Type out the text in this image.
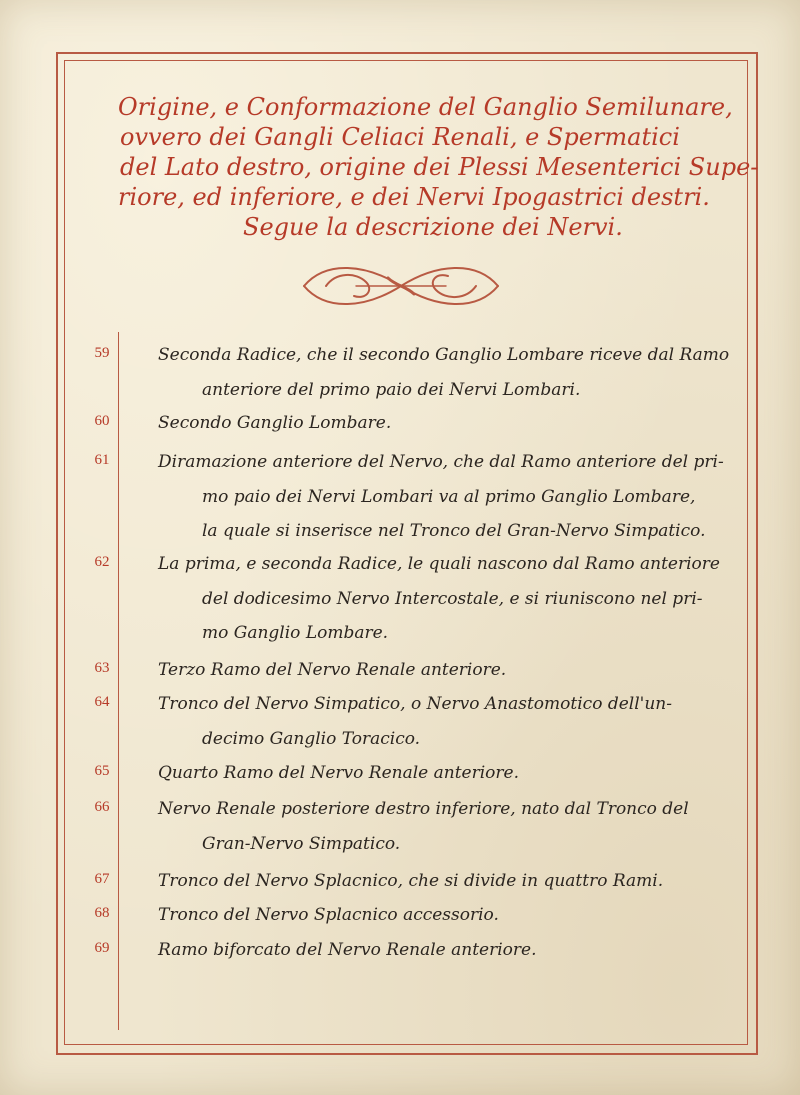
Origine, e Conformazione del Ganglio Semilunare,
ovvero dei Gangli Celiaci Renali, e Spermatici
del Lato destro, origine dei Plessi Mesenterici Supe-
riore, ed inferiore, e dei Nervi Ipogastrici destri.
Segue la descrizione dei Nervi.
59
60
61
62
63
64
65
66
67
68
69
Seconda Radice, che il secondo Ganglio Lombare riceve dal Ramo
anteriore del primo paio dei Nervi Lombari.
Secondo Ganglio Lombare.
Diramazione anteriore del Nervo, che dal Ramo anteriore del pri-
mo paio dei Nervi Lombari va al primo Ganglio Lombare,
la quale si inserisce nel Tronco del Gran-Nervo Simpatico.
La prima, e seconda Radice, le quali nascono dal Ramo anteriore
del dodicesimo Nervo Intercostale, e si riuniscono nel pri-
mo Ganglio Lombare.
Terzo Ramo del Nervo Renale anteriore.
Tronco del Nervo Simpatico, o Nervo Anastomotico dell'un-
decimo Ganglio Toracico.
Quarto Ramo del Nervo Renale anteriore.
Nervo Renale posteriore destro inferiore, nato dal Tronco del
Gran-Nervo Simpatico.
Tronco del Nervo Splacnico, che si divide in quattro Rami.
Tronco del Nervo Splacnico accessorio.
Ramo biforcato del Nervo Renale anteriore.
